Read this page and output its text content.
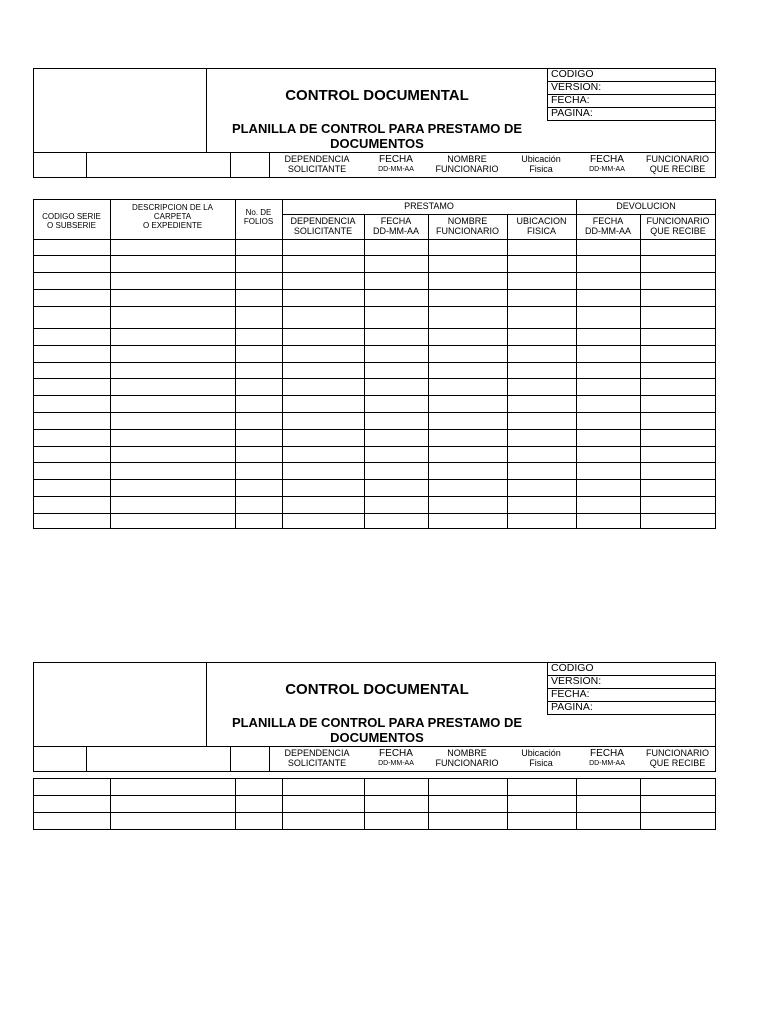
CÓDIGO
VERSION:
FECHA:
PAGINA:
CONTROL DOCUMENTAL
PLANILLA DE CONTROL PARA PRESTAMO DE
DOCUMENTOS
DEPENDENCIA
SOLICITANTE
FECHA
DD-MM-AA
NOMBRE
FUNCIONARIO
Ubicación
Fisica
FECHA
DD-MM-AA
FUNCIONARIO
QUE RECIBE
CODIGO SERIE
O SUBSERIE
DESCRIPCION DE LA
CARPETA
O EXPEDIENTE
No. DE
FOLIOS
PRESTAMO	DEVOLUCION
DEPENDENCIA
SOLICITANTE
FECHA
DD-MM-AA
NOMBRE
FUNCIONARIO
UBICACION
FISICA
FECHA
DD-MM-AA
FUNCIONARIO
QUE RECIBE
CÓDIGO
VERSION:
FECHA:
PAGINA:
CONTROL DOCUMENTAL
PLANILLA DE CONTROL PARA PRESTAMO DE
DOCUMENTOS
DEPENDENCIA
SOLICITANTE
FECHA
DD-MM-AA
NOMBRE
FUNCIONARIO
Ubicación
Fisica
FECHA
DD-MM-AA
FUNCIONARIO
QUE RECIBE
